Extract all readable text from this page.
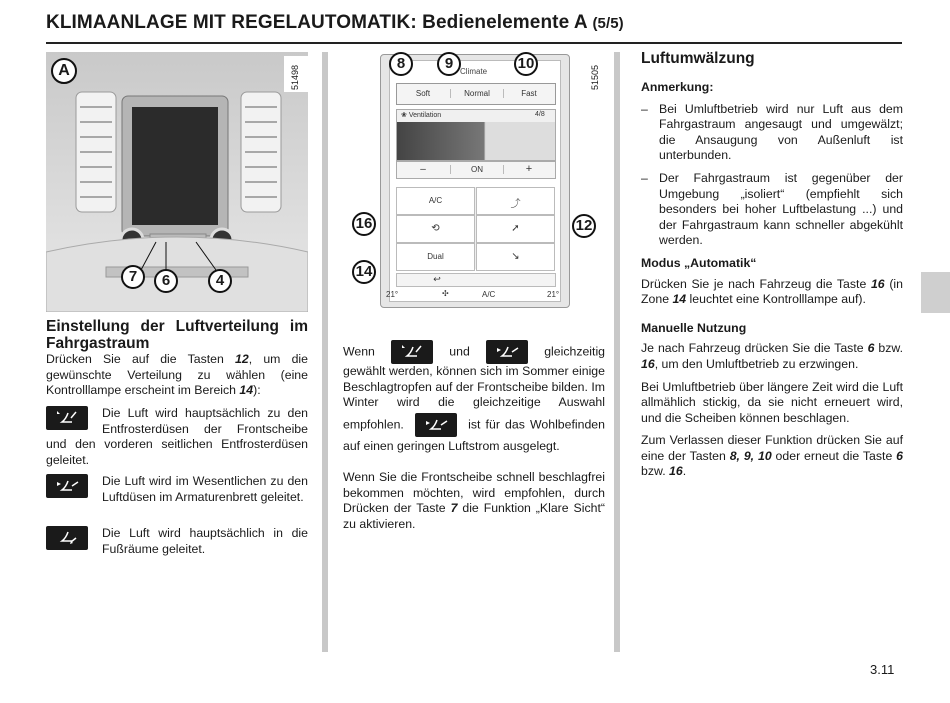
KLIMAANLAGE MIT REGELAUTOMATIK: Bedienelemente A (5/5)
A	51498
7	6	4
Climate
Soft	Normal	Fast
❀ Ventilation	4/8
–	ON	+
A/C	⤴
⟲	➚
Dual	↘
↩
21°	✣	A/C	21°
51505
8	9	10
16	12
14
Einstellung der Luftverteilung im Fahrgastraum

Drücken Sie auf die Tasten 12, um die gewünschte Verteilung zu wählen (eine Kontrolllampe erscheint im Bereich 14):

Die Luft wird hauptsächlich zu den Entfrosterdüsen der Frontscheibe und den vorderen seitlichen Entfrosterdüsen geleitet.

Die Luft wird im Wesentlichen zu den Luftdüsen im Armaturenbrett geleitet.

Die Luft wird hauptsächlich in die Fußräume geleitet.

Wenn	und	gleichzeitig gewählt werden, können sich im Sommer einige Beschlagtropfen auf der Frontscheibe bilden. Im Winter wird die gleichzeitige Auswahl empfohlen.	ist für das Wohlbefinden auf einen geringen Luftstrom ausgelegt.

Wenn Sie die Frontscheibe schnell beschlagfrei bekommen möchten, wird empfohlen, durch Drücken der Taste 7 die Funktion „Klare Sicht“ zu aktivieren.

Luftumwälzung
Anmerkung:
– Bei Umluftbetrieb wird nur Luft aus dem Fahrgastraum angesaugt und umgewälzt; die Ansaugung von Außenluft ist unterbunden.
– Der Fahrgastraum ist gegenüber der Umgebung „isoliert“ (empfiehlt sich besonders bei hoher Luftbelastung ...) und der Fahrgastraum kann schneller abgekühlt werden.
Modus „Automatik“

Drücken Sie je nach Fahrzeug die Taste 16 (in Zone 14 leuchtet eine Kontrolllampe auf).

Manuelle Nutzung

Je nach Fahrzeug drücken Sie die Taste 6 bzw. 16, um den Umluftbetrieb zu erzwingen.

Bei Umluftbetrieb über längere Zeit wird die Luft allmählich stickig, da sie nicht erneuert wird, und die Scheiben können beschlagen.

Zum Verlassen dieser Funktion drücken Sie auf eine der Tasten 8, 9, 10 oder erneut die Taste 6 bzw. 16.

3.11
